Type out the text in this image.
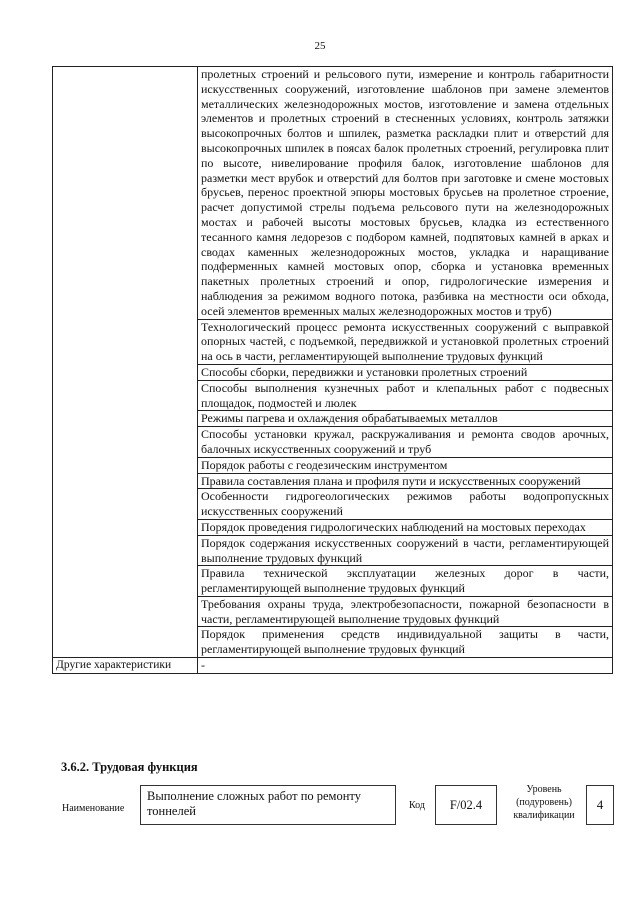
25
	пролетных строений и рельсового пути, измерение и контроль габаритности искусственных сооружений, изготовление шаблонов при замене элементов металлических железнодорожных мостов, изготовление и замена отдельных элементов и пролетных строений в стесненных условиях, контроль затяжки высокопрочных болтов и шпилек, разметка раскладки плит и отверстий для высокопрочных шпилек в поясах балок пролетных строений, регулировка плит по высоте, нивелирование профиля балок, изготовление шаблонов для разметки мест врубок и отверстий для болтов при заготовке и смене мостовых брусьев, перенос проектной эпюры мостовых брусьев на пролетное строение, расчет допустимой стрелы подъема рельсового пути на железнодорожных мостах и рабочей высоты мостовых брусьев, кладка из естественного тесанного камня ледорезов с подбором камней, подпятовых камней в арках и сводах каменных железнодорожных мостов, укладка и наращивание подферменных камней мостовых опор, сборка и установка временных пакетных пролетных строений и опор, гидрологические измерения и наблюдения за режимом водного потока, разбивка на местности оси обхода, осей элементов временных малых железнодорожных мостов и труб)
	Технологический процесс ремонта искусственных сооружений с выправкой опорных частей, с подъемкой, передвижкой и установкой пролетных строений на ось в части, регламентирующей выполнение трудовых функций
	Способы сборки, передвижки и установки пролетных строений
	Способы выполнения кузнечных работ и клепальных работ с подвесных площадок, подмостей и люлек
	Режимы пагрева и охлаждения обрабатываемых металлов
	Способы установки кружал, раскружаливания и ремонта сводов арочных, балочных искусственных сооружений и труб
	Порядок работы с геодезическим инструментом
	Правила составления плана и профиля пути и искусственных сооружений
	Особенности гидрогеологических режимов работы водопропускных искусственных сооружений
	Порядок проведения гидрологических наблюдений на мостовых переходах
	Порядок содержания искусственных сооружений в части, регламентирующей выполнение трудовых функций
	Правила технической эксплуатации железных дорог в части, регламентирующей выполнение трудовых функций
	Требования охраны труда, электробезопасности, пожарной безопасности в части, регламентирующей выполнение трудовых функций
	Порядок применения средств индивидуальной защиты в части, регламентирующей выполнение трудовых функций
Другие характеристики	-
3.6.2. Трудовая функция
Наименование
Выполнение сложных работ по ремонту тоннелей	Код	F/02.4
Уровень (подуровень) квалификации
4
